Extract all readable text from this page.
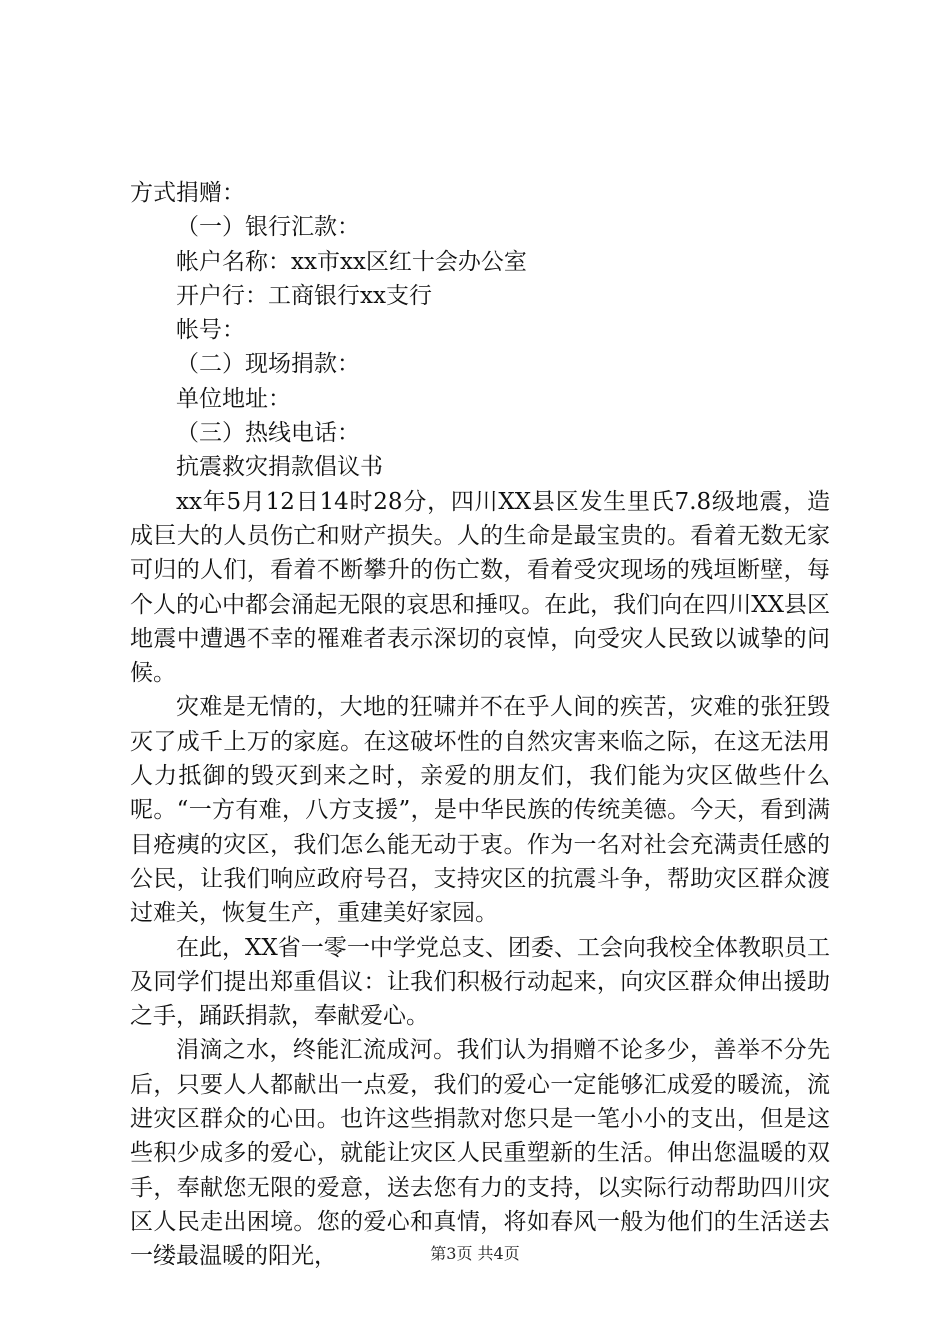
方式捐赠：
（一）银行汇款：
帐户名称：xx市xx区红十会办公室
开户行：工商银行xx支行
帐号：
（二）现场捐款：
单位地址：
（三）热线电话：
抗震救灾捐款倡议书
xx年5月12日14时28分，四川XX县区发生里氏7.8级地震，造成巨大的人员伤亡和财产损失。人的生命是最宝贵的。看着无数无家可归的人们，看着不断攀升的伤亡数，看着受灾现场的残垣断壁，每个人的心中都会涌起无限的哀思和捶叹。在此，我们向在四川XX县区地震中遭遇不幸的罹难者表示深切的哀悼，向受灾人民致以诚挚的问候。
灾难是无情的，大地的狂啸并不在乎人间的疾苦，灾难的张狂毁灭了成千上万的家庭。在这破坏性的自然灾害来临之际，在这无法用人力抵御的毁灭到来之时，亲爱的朋友们，我们能为灾区做些什么呢。“一方有难，八方支援”，是中华民族的传统美德。今天，看到满目疮痍的灾区，我们怎么能无动于衷。作为一名对社会充满责任感的公民，让我们响应政府号召，支持灾区的抗震斗争，帮助灾区群众渡过难关，恢复生产，重建美好家园。
在此，XX省一零一中学党总支、团委、工会向我校全体教职员工及同学们提出郑重倡议：让我们积极行动起来，向灾区群众伸出援助之手，踊跃捐款，奉献爱心。
涓滴之水，终能汇流成河。我们认为捐赠不论多少，善举不分先后，只要人人都献出一点爱，我们的爱心一定能够汇成爱的暖流，流进灾区群众的心田。也许这些捐款对您只是一笔小小的支出，但是这些积少成多的爱心，就能让灾区人民重塑新的生活。伸出您温暖的双手，奉献您无限的爱意，送去您有力的支持，以实际行动帮助四川灾区人民走出困境。您的爱心和真情，将如春风一般为他们的生活送去一缕最温暖的阳光，	第3页 共4页
